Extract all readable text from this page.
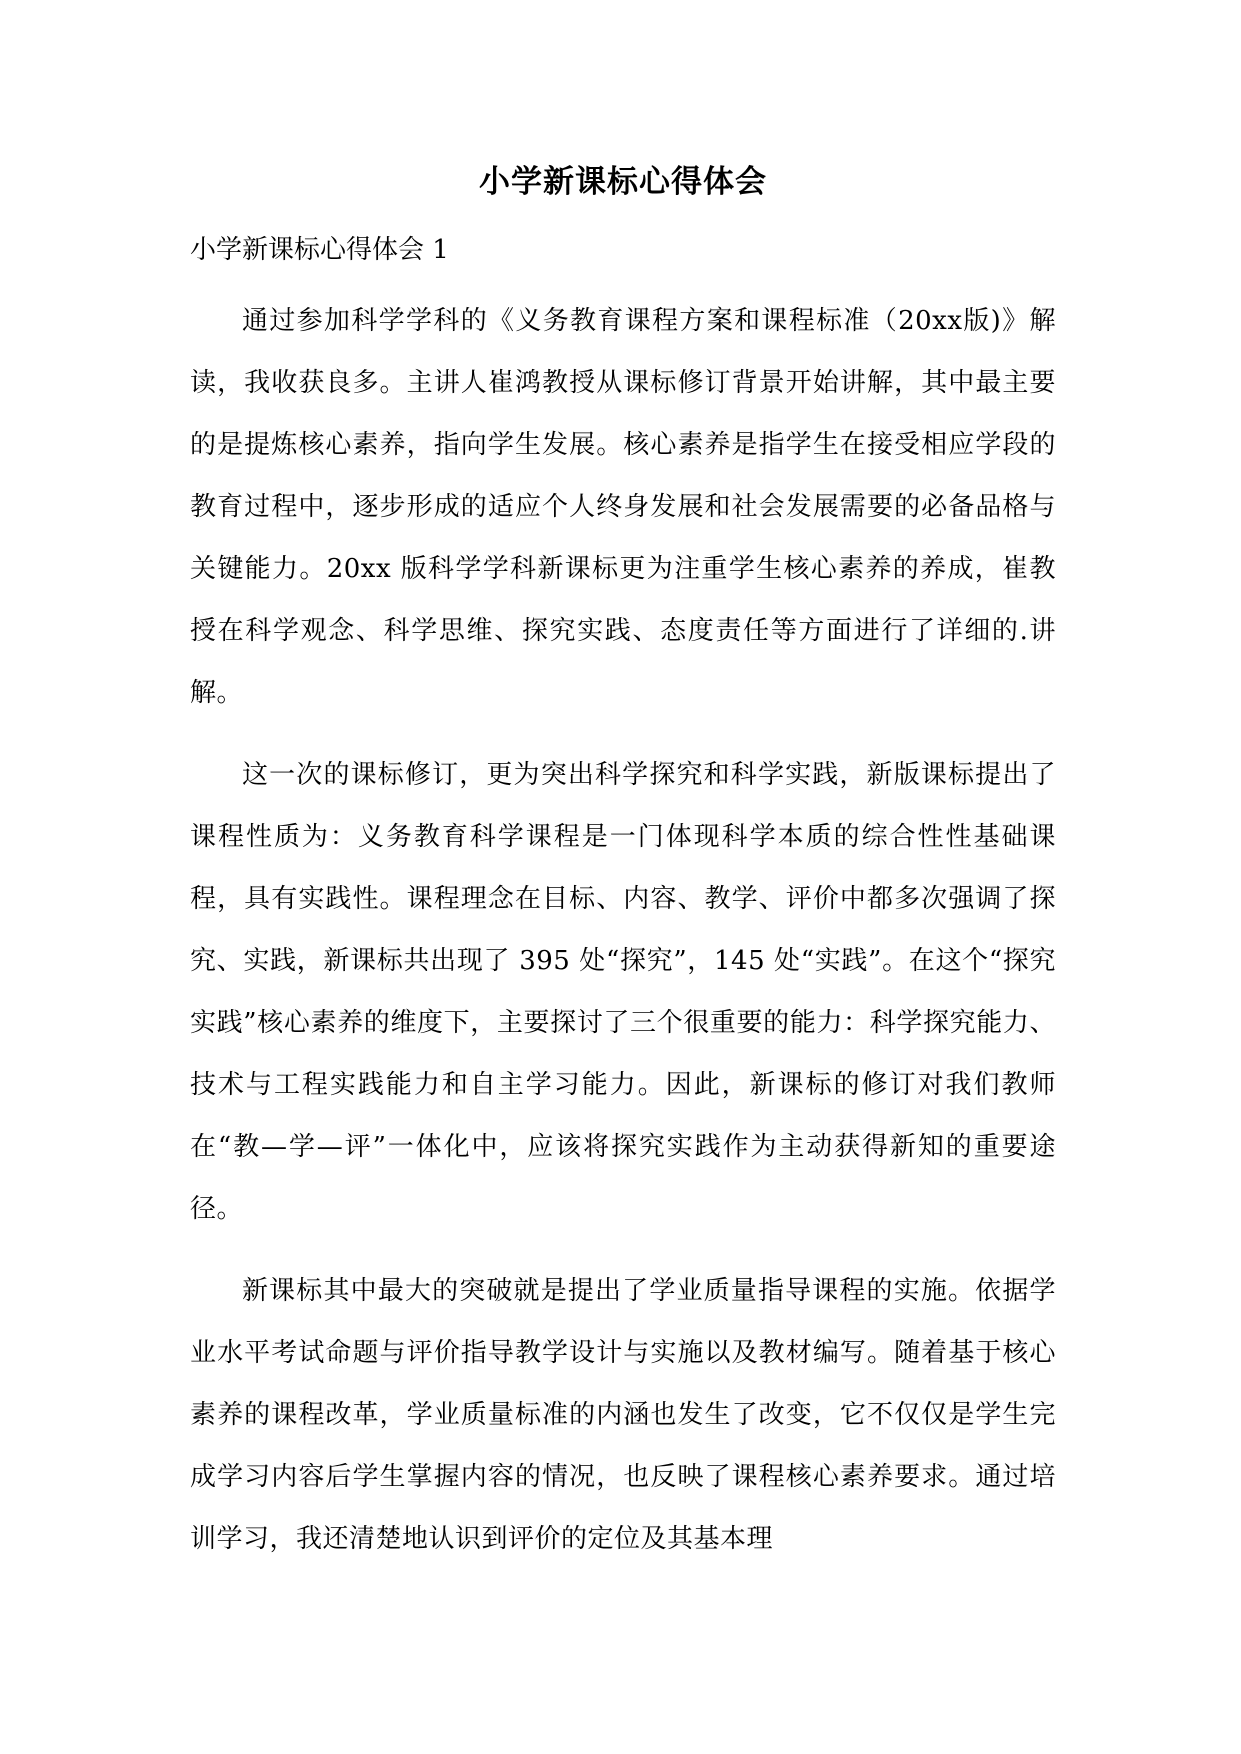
小学新课标心得体会
小学新课标心得体会 1

通过参加科学学科的《义务教育课程方案和课程标准（20xx版)》解读，我收获良多。主讲人崔鸿教授从课标修订背景开始讲解，其中最主要的是提炼核心素养，指向学生发展。核心素养是指学生在接受相应学段的教育过程中，逐步形成的适应个人终身发展和社会发展需要的必备品格与关键能力。20xx 版科学学科新课标更为注重学生核心素养的养成，崔教授在科学观念、科学思维、探究实践、态度责任等方面进行了详细的.讲解。

这一次的课标修订，更为突出科学探究和科学实践，新版课标提出了课程性质为：义务教育科学课程是一门体现科学本质的综合性性基础课程，具有实践性。课程理念在目标、内容、教学、评价中都多次强调了探究、实践，新课标共出现了 395 处“探究”，145 处“实践”。在这个“探究实践”核心素养的维度下，主要探讨了三个很重要的能力：科学探究能力、技术与工程实践能力和自主学习能力。因此，新课标的修订对我们教师在“教—学—评”一体化中，应该将探究实践作为主动获得新知的重要途径。

新课标其中最大的突破就是提出了学业质量指导课程的实施。依据学业水平考试命题与评价指导教学设计与实施以及教材编写。随着基于核心素养的课程改革，学业质量标准的内涵也发生了改变，它不仅仅是学生完成学习内容后学生掌握内容的情况，也反映了课程核心素养要求。通过培训学习，我还清楚地认识到评价的定位及其基本理
